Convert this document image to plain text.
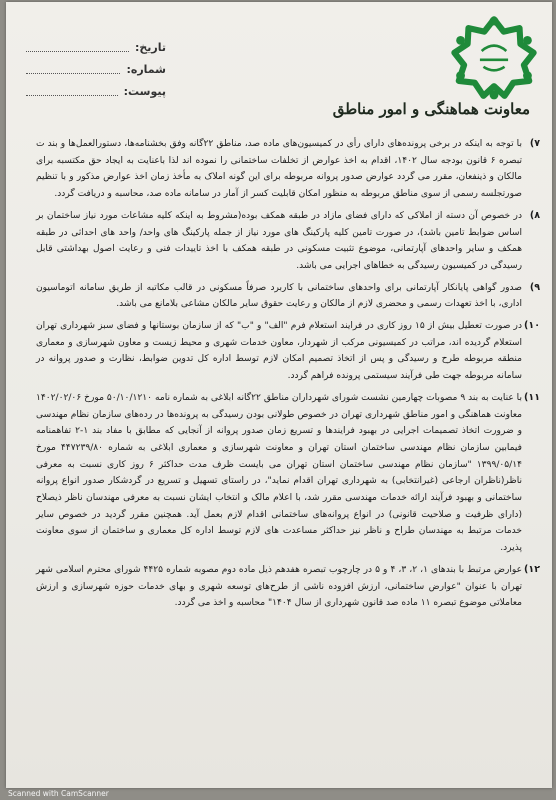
تاریخ:
شماره:
پیوست:
معاونت هماهنگی و امور مناطق
۷)
با توجه به اینکه در برخی پرونده‌های دارای رأی در کمیسیون‌های ماده صد، مناطق ۲۲گانه وفق بخشنامه‌ها، دستورالعمل‌ها و بند ت تبصره ۶ قانون بودجه سال ۱۴۰۲، اقدام به اخذ عوارض از تخلفات ساختمانی را نموده اند لذا باعنایت به ایجاد حق مکتسبه برای مالکان و ذینفعان، مقرر می گردد عوارض صدور پروانه مربوطه برای این گونه املاک به مأخذ زمان اخذ عوارض مذکور و با تنظیم صورتجلسه رسمی از سوی مناطق مربوطه به منظور امکان قابلیت کسر از آمار در سامانه ماده صد، محاسبه و دریافت گردد.
۸)
در خصوص آن دسته از املاکی که دارای فضای مازاد در طبقه همکف بوده(مشروط به اینکه کلیه مشاعات مورد نیاز ساختمان بر اساس ضوابط تامین باشد)، در صورت تامین کلیه پارکینگ های مورد نیاز از جمله پارکینگ های واحد/ واحد های احداثی در طبقه همکف و سایر واحدهای آپارتمانی، موضوع تثبیت مسکونی در طبقه همکف با اخذ تاییدات فنی و رعایت اصول بهداشتی قابل رسیدگی در کمیسیون رسیدگی به خطاهای اجرایی می باشد.
۹)
صدور گواهی پایانکار آپارتمانی برای واحدهای ساختمانی با کاربرد صرفاً مسکونی در قالب مکاتبه از طریق سامانه اتوماسیون اداری، با اخذ تعهدات رسمی و محضری لازم از مالکان و رعایت حقوق سایر مالکان مشاعی بلامانع می باشد.
۱۰)
در صورت تعطیل بیش از ۱۵ روز کاری در فرایند استعلام فرم "الف" و "ب" که از سازمان بوستانها و فضای سبز شهرداری تهران استعلام گردیده اند، مراتب در کمیسیونی مرکب از شهردار، معاون خدمات شهری و محیط زیست و معاون شهرسازی و معماری منطقه مربوطه طرح و رسیدگی و پس از اتخاذ تصمیم امکان لازم توسط اداره کل تدوین ضوابط، نظارت و صدور پروانه در سامانه مربوطه جهت طی فرآیند سیستمی پرونده فراهم گردد.
۱۱)
با عنایت به بند ۹ مصوبات چهارمین نشست شورای شهرداران مناطق ۲۲گانه ابلاغی به شماره نامه ۵۰/۱۰/۱۲۱۰ مورخ ۱۴۰۲/۰۲/۰۶ معاونت هماهنگی و امور مناطق شهرداری تهران در خصوص طولانی بودن رسیدگی به پرونده‌ها در رده‌های سازمان نظام مهندسی و ضرورت اتخاذ تصمیمات اجرایی در بهبود فرایندها و تسریع زمان صدور پروانه از آنجایی که مطابق با مفاد بند ۱-۲ تفاهمنامه فیمابین سازمان نظام مهندسی ساختمان استان تهران و معاونت شهرسازی و معماری ابلاغی به شماره ۴۴۷۲۳۹/۸۰ مورخ ۱۳۹۹/۰۵/۱۴ "سازمان نظام مهندسی ساختمان استان تهران می بایست ظرف مدت حداکثر ۶ روز کاری نسبت به معرفی ناظر(ناظران ارجاعی (غیرانتخابی) به شهرداری تهران اقدام نماید"، در راستای تسهیل و تسریع در گردشکار صدور انواع پروانه ساختمانی و بهبود فرآیند ارائه خدمات مهندسی مقرر شد، با اعلام مالک و انتخاب ایشان نسبت به معرفی مهندسان ناظر ذیصلاح (دارای ظرفیت و صلاحیت قانونی) در انواع پروانه‌های ساختمانی اقدام لازم بعمل آید. همچنین مقرر گردید در خصوص سایر خدمات مرتبط به مهندسان طراح و ناظر نیز حداکثر مساعدت های لازم توسط اداره کل معماری و ساختمان از سوی معاونت پذیرد.
۱۲)
عوارض مرتبط با بندهای ۱، ۲، ۳، ۴ و ۵ در چارچوب تبصره هفدهم ذیل ماده دوم مصوبه شماره ۴۴۲۵ شورای محترم اسلامی شهر تهران با عنوان "عوارض ساختمانی، ارزش افزوده ناشی از طرح‌های توسعه شهری و بهای خدمات حوزه شهرسازی و ارزش معاملاتی موضوع تبصره ۱۱ ماده صد قانون شهرداری از سال ۱۴۰۴" محاسبه و اخذ می گردد.
Scanned with CamScanner
